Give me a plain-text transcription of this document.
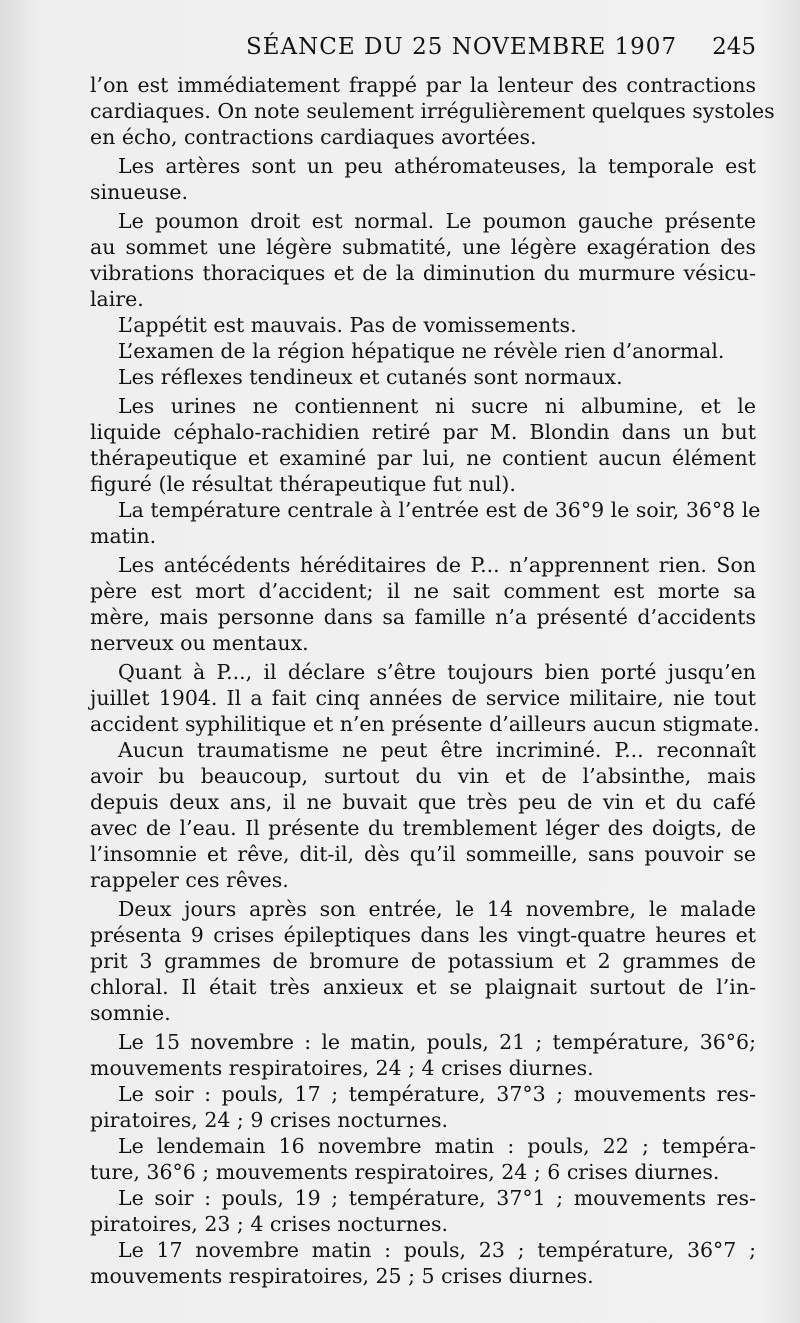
SÉANCE DU 25 NOVEMBRE 1907 245
l’on est immédiatement frappé par la lenteur des contractions
cardiaques. On note seulement irrégulièrement quelques systoles
en écho, contractions cardiaques avortées.
Les artères sont un peu athéromateuses, la temporale est
sinueuse.
Le poumon droit est normal. Le poumon gauche présente
au sommet une légère submatité, une légère exagération des
vibrations thoraciques et de la diminution du murmure vésicu-
laire.
L’appétit est mauvais. Pas de vomissements.
L’examen de la région hépatique ne révèle rien d’anormal.
Les réflexes tendineux et cutanés sont normaux.
Les urines ne contiennent ni sucre ni albumine, et le
liquide céphalo-rachidien retiré par M. Blondin dans un but
thérapeutique et examiné par lui, ne contient aucun élément
figuré (le résultat thérapeutique fut nul).
La température centrale à l’entrée est de 36°9 le soir, 36°8 le
matin.
Les antécédents héréditaires de P... n’apprennent rien. Son
père est mort d’accident; il ne sait comment est morte sa
mère, mais personne dans sa famille n’a présenté d’accidents
nerveux ou mentaux.
Quant à P..., il déclare s’être toujours bien porté jusqu’en
juillet 1904. Il a fait cinq années de service militaire, nie tout
accident syphilitique et n’en présente d’ailleurs aucun stigmate.
Aucun traumatisme ne peut être incriminé. P... reconnaît
avoir bu beaucoup, surtout du vin et de l’absinthe, mais
depuis deux ans, il ne buvait que très peu de vin et du café
avec de l’eau. Il présente du tremblement léger des doigts, de
l’insomnie et rêve, dit-il, dès qu’il sommeille, sans pouvoir se
rappeler ces rêves.
Deux jours après son entrée, le 14 novembre, le malade
présenta 9 crises épileptiques dans les vingt-quatre heures et
prit 3 grammes de bromure de potassium et 2 grammes de
chloral. Il était très anxieux et se plaignait surtout de l’in-
somnie.
Le 15 novembre : le matin, pouls, 21 ; température, 36°6;
mouvements respiratoires, 24 ; 4 crises diurnes.
Le soir : pouls, 17 ; température, 37°3 ; mouvements res-
piratoires, 24 ; 9 crises nocturnes.
Le lendemain 16 novembre matin : pouls, 22 ; tempéra-
ture, 36°6 ; mouvements respiratoires, 24 ; 6 crises diurnes.
Le soir : pouls, 19 ; température, 37°1 ; mouvements res-
piratoires, 23 ; 4 crises nocturnes.
Le 17 novembre matin : pouls, 23 ; température, 36°7 ;
mouvements respiratoires, 25 ; 5 crises diurnes.
